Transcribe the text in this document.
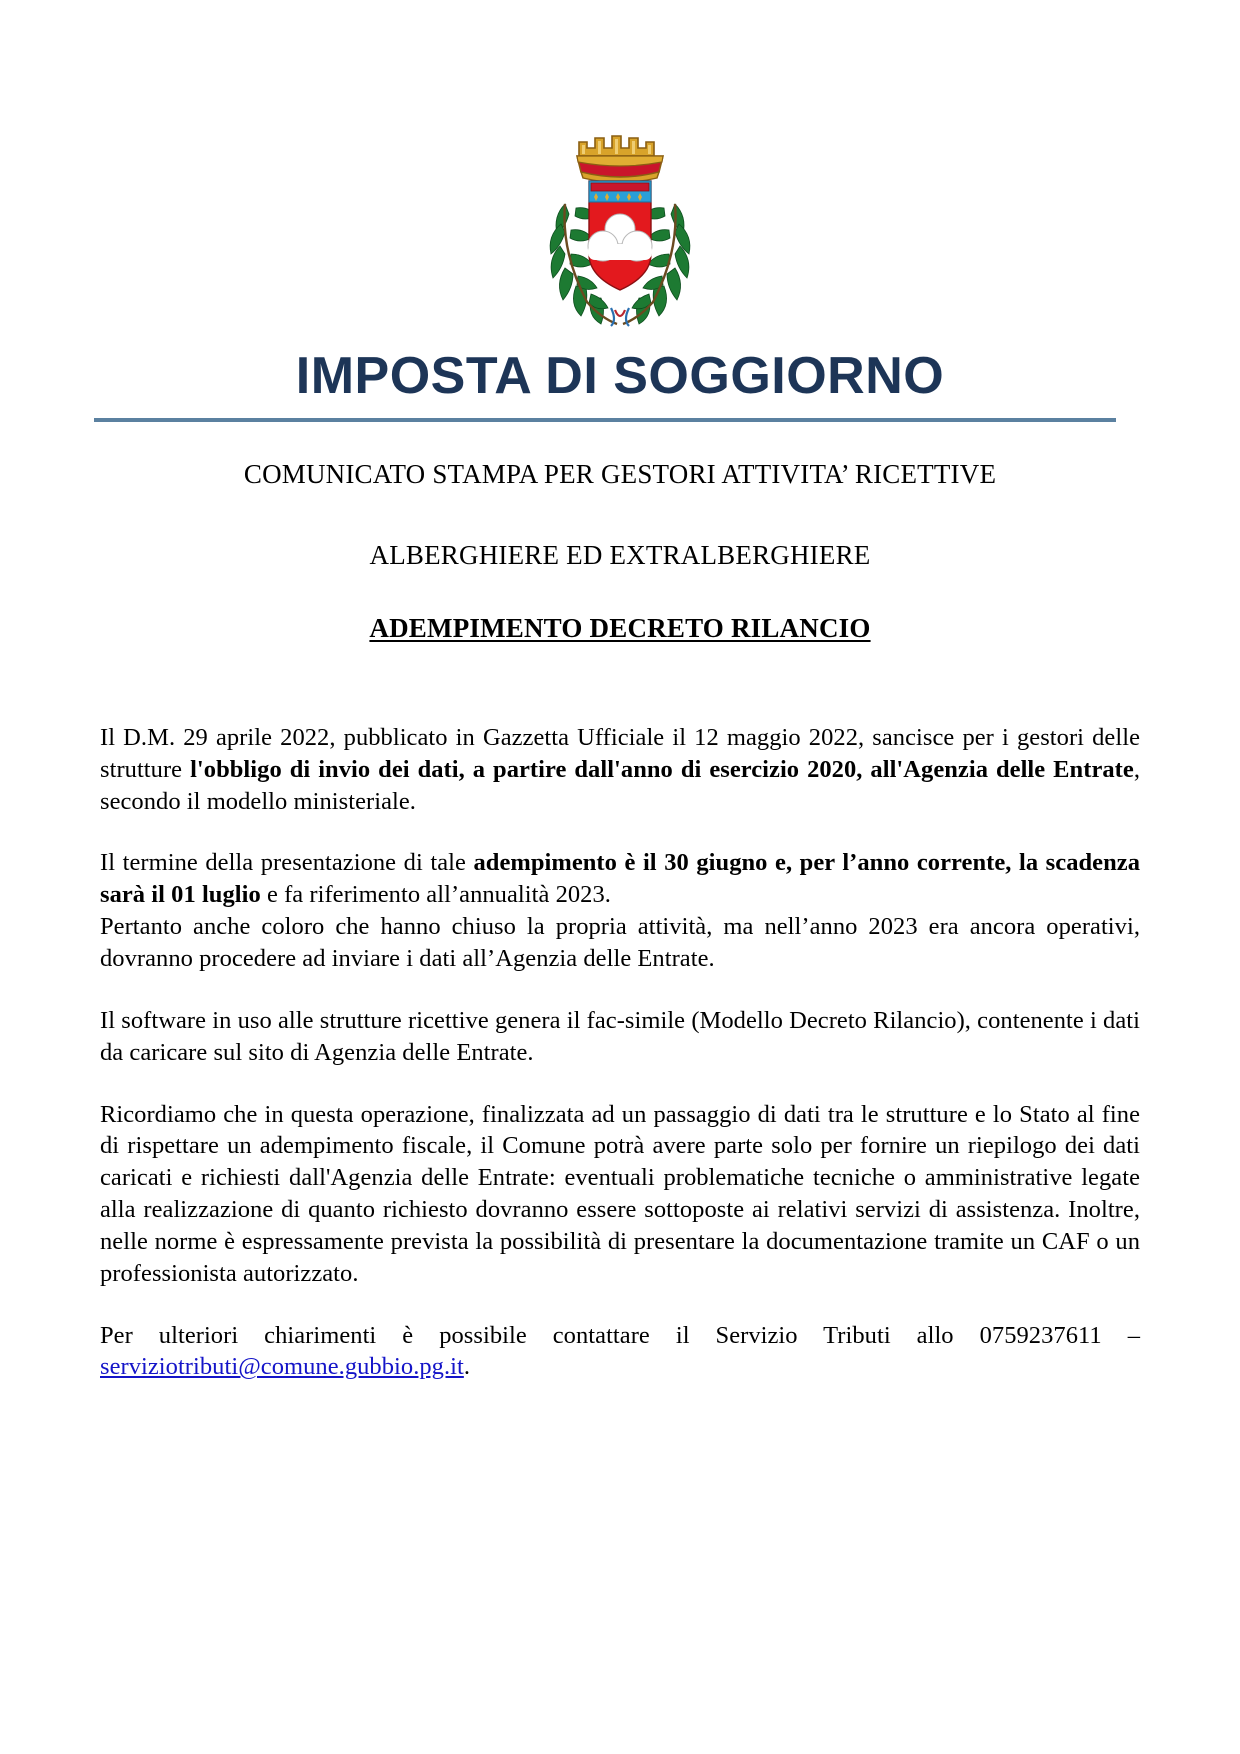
IMPOSTA DI SOGGIORNO

COMUNICATO STAMPA PER GESTORI ATTIVITA’ RICETTIVE

ALBERGHIERE ED EXTRALBERGHIERE

ADEMPIMENTO DECRETO RILANCIO

Il D.M. 29 aprile 2022, pubblicato in Gazzetta Ufficiale il 12 maggio 2022, sancisce per i gestori delle strutture l'obbligo di invio dei dati, a partire dall'anno di esercizio 2020, all'Agenzia delle Entrate, secondo il modello ministeriale.

Il termine della presentazione di tale adempimento è il 30 giugno e, per l’anno corrente, la scadenza sarà il 01 luglio e fa riferimento all’annualità 2023.

Pertanto anche coloro che hanno chiuso la propria attività, ma nell’anno 2023 era ancora operativi, dovranno procedere ad inviare i dati all’Agenzia delle Entrate.

Il software in uso alle strutture ricettive genera il fac-simile (Modello Decreto Rilancio), contenente i dati da caricare sul sito di Agenzia delle Entrate.

Ricordiamo che in questa operazione, finalizzata ad un passaggio di dati tra le strutture e lo Stato al fine di rispettare un adempimento fiscale, il Comune potrà avere parte solo per fornire un riepilogo dei dati caricati e richiesti dall'Agenzia delle Entrate: eventuali problematiche tecniche o amministrative legate alla realizzazione di quanto richiesto dovranno essere sottoposte ai relativi servizi di assistenza. Inoltre, nelle norme è espressamente prevista la possibilità di presentare la documentazione tramite un CAF o un professionista autorizzato.

Per ulteriori chiarimenti è possibile contattare il Servizio Tributi allo 0759237611 – serviziotributi@comune.gubbio.pg.it.
